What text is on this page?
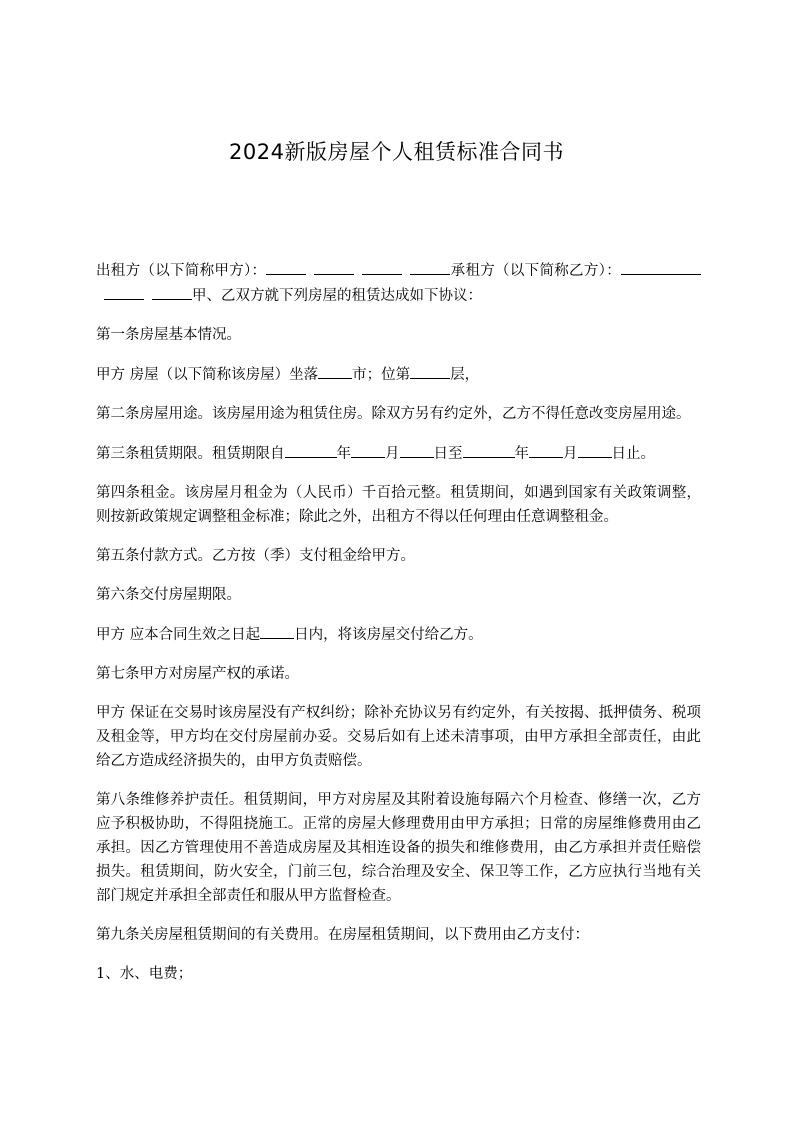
2024新版房屋个人租赁标准合同书

出租方（以下简称甲方）：	承租方（以下简称乙方）：甲、乙双方就下列房屋的租赁达成如下协议：

第一条房屋基本情况。

甲方 房屋（以下简称该房屋）坐落 市；位第	层，

第二条房屋用途。该房屋用途为租赁住房。除双方另有约定外，乙方不得任意改变房屋用途。

第三条租赁期限。租赁期限自	年 月 日至	年 月 日止。

第四条租金。该房屋月租金为（人民币）千百拾元整。租赁期间，如遇到国家有关政策调整，则按新政策规定调整租金标准；除此之外，出租方不得以任何理由任意调整租金。

第五条付款方式。乙方按（季）支付租金给甲方。

第六条交付房屋期限。

甲方 应本合同生效之日起 日内，将该房屋交付给乙方。

第七条甲方对房屋产权的承诺。

甲方 保证在交易时该房屋没有产权纠纷；除补充协议另有约定外，有关按揭、抵押债务、税项及租金等，甲方均在交付房屋前办妥。交易后如有上述未清事项，由甲方承担全部责任，由此给乙方造成经济损失的，由甲方负责赔偿。

第八条维修养护责任。租赁期间，甲方对房屋及其附着设施每隔六个月检查、修缮一次，乙方应予积极协助，不得阻挠施工。正常的房屋大修理费用由甲方承担；日常的房屋维修费用由乙承担。因乙方管理使用不善造成房屋及其相连设备的损失和维修费用，由乙方承担并责任赔偿损失。租赁期间，防火安全，门前三包，综合治理及安全、保卫等工作，乙方应执行当地有关部门规定并承担全部责任和服从甲方监督检查。

第九条关房屋租赁期间的有关费用。在房屋租赁期间，以下费用由乙方支付：

1、水、电费；
